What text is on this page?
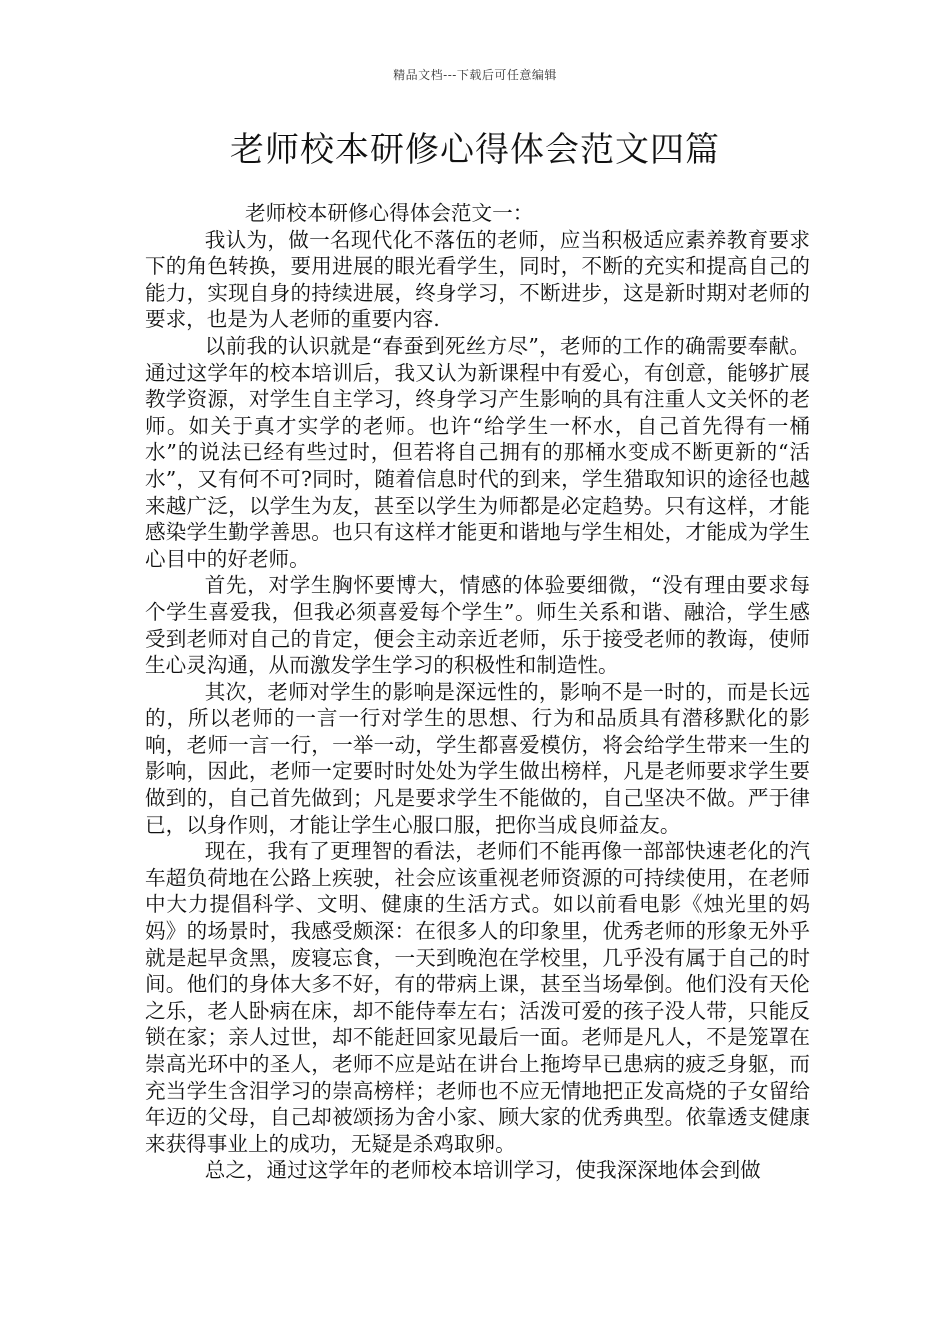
精品文档---下载后可任意编辑
老师校本研修心得体会范文四篇
老师校本研修心得体会范文一：

我认为，做一名现代化不落伍的老师，应当积极适应素养教育要求下的角色转换，要用进展的眼光看学生，同时，不断的充实和提高自己的能力，实现自身的持续进展，终身学习，不断进步，这是新时期对老师的要求，也是为人老师的重要内容.

以前我的认识就是“春蚕到死丝方尽”，老师的工作的确需要奉献。通过这学年的校本培训后，我又认为新课程中有爱心，有创意，能够扩展教学资源，对学生自主学习，终身学习产生影响的具有注重人文关怀的老师。如关于真才实学的老师。也许“给学生一杯水，自己首先得有一桶水”的说法已经有些过时，但若将自己拥有的那桶水变成不断更新的“活水”，又有何不可?同时，随着信息时代的到来，学生猎取知识的途径也越来越广泛，以学生为友，甚至以学生为师都是必定趋势。只有这样，才能感染学生勤学善思。也只有这样才能更和谐地与学生相处，才能成为学生心目中的好老师。

首先，对学生胸怀要博大，情感的体验要细微，“没有理由要求每个学生喜爱我，但我必须喜爱每个学生”。师生关系和谐、融洽，学生感受到老师对自己的肯定，便会主动亲近老师，乐于接受老师的教诲，使师生心灵沟通，从而激发学生学习的积极性和制造性。

其次，老师对学生的影响是深远性的，影响不是一时的，而是长远的，所以老师的一言一行对学生的思想、行为和品质具有潜移默化的影响，老师一言一行，一举一动，学生都喜爱模仿，将会给学生带来一生的影响，因此，老师一定要时时处处为学生做出榜样，凡是老师要求学生要做到的，自己首先做到；凡是要求学生不能做的，自己坚决不做。严于律已，以身作则，才能让学生心服口服，把你当成良师益友。

现在，我有了更理智的看法，老师们不能再像一部部快速老化的汽车超负荷地在公路上疾驶，社会应该重视老师资源的可持续使用，在老师中大力提倡科学、文明、健康的生活方式。如以前看电影《烛光里的妈妈》的场景时，我感受颇深：在很多人的印象里，优秀老师的形象无外乎就是起早贪黑，废寝忘食，一天到晚泡在学校里，几乎没有属于自己的时间。他们的身体大多不好，有的带病上课，甚至当场晕倒。他们没有天伦之乐，老人卧病在床，却不能侍奉左右；活泼可爱的孩子没人带，只能反锁在家；亲人过世，却不能赶回家见最后一面。老师是凡人，不是笼罩在崇高光环中的圣人，老师不应是站在讲台上拖垮早已患病的疲乏身躯，而充当学生含泪学习的崇高榜样；老师也不应无情地把正发高烧的子女留给年迈的父母，自己却被颂扬为舍小家、顾大家的优秀典型。依靠透支健康来获得事业上的成功，无疑是杀鸡取卵。

总之，通过这学年的老师校本培训学习，使我深深地体会到做
